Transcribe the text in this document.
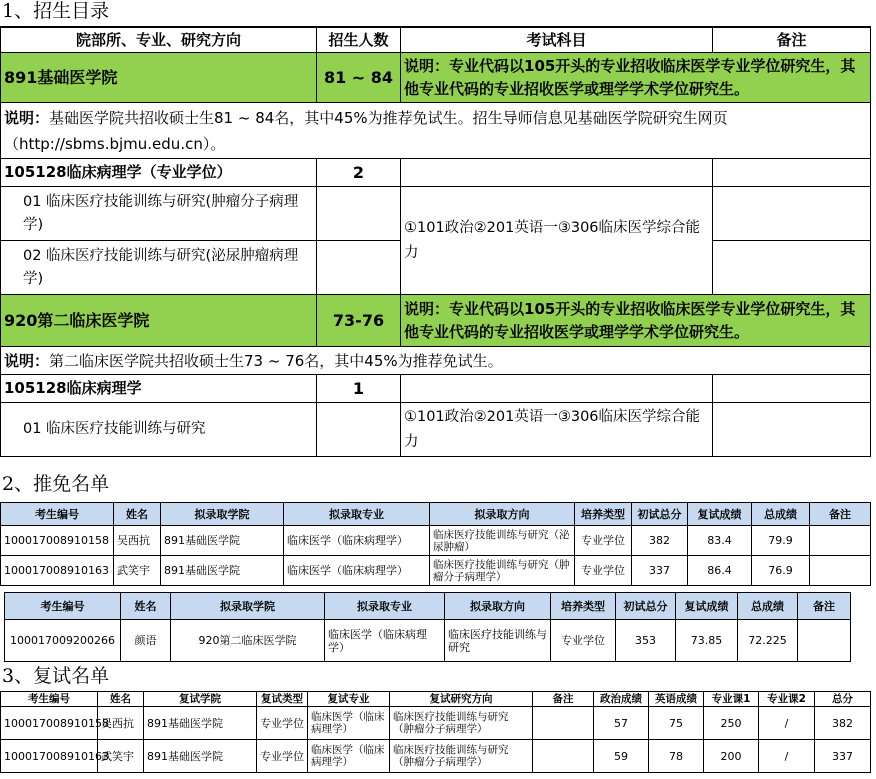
1、招生目录
院部所、专业、研究方向	招生人数	考试科目	备注
891基础医学院	81 ~ 84	说明：专业代码以105开头的专业招收临床医学专业学位研究生，其他专业代码的专业招收医学或理学学术学位研究生。	
说明：基础医学院共招收硕士生81 ~ 84名，其中45%为推荐免试生。招生导师信息见基础医学院研究生网页（http://sbms.bjmu.edu.cn）。			
105128临床病理学（专业学位）	2		
01 临床医疗技能训练与研究(肿瘤分子病理学)		①101政治②201英语一③306临床医学综合能力	
02 临床医疗技能训练与研究(泌尿肿瘤病理学)			
920第二临床医学院	73-76	说明：专业代码以105开头的专业招收临床医学专业学位研究生，其他专业代码的专业招收医学或理学学术学位研究生。	
说明：第二临床医学院共招收硕士生73 ~ 76名，其中45%为推荐免试生。			
105128临床病理学	1		
01 临床医疗技能训练与研究		①101政治②201英语一③306临床医学综合能力	
2、推免名单
考生编号	姓名	拟录取学院	拟录取专业	拟录取方向	培养类型	初试总分	复试成绩	总成绩	备注
100017008910158	吴西抗	891基础医学院	临床医学（临床病理学）	临床医疗技能训练与研究（泌尿肿瘤）	专业学位	382	83.4	79.9	
100017008910163	武笑宇	891基础医学院	临床医学（临床病理学）	临床医疗技能训练与研究（肿瘤分子病理学）	专业学位	337	86.4	76.9	
考生编号	姓名	拟录取学院	拟录取专业	拟录取方向	培养类型	初试总分	复试成绩	总成绩	备注
100017009200266	颜语	920第二临床医学院	临床医学（临床病理学）	临床医疗技能训练与研究	专业学位	353	73.85	72.225	
3、复试名单
考生编号	姓名	复试学院	复试类型	复试专业	复试研究方向	备注	政治成绩	英语成绩	专业课1	专业课2	总分
100017008910158	吴西抗	891基础医学院	专业学位	临床医学（临床病理学）	临床医疗技能训练与研究（肿瘤分子病理学）		57	75	250	/	382
100017008910163	武笑宇	891基础医学院	专业学位	临床医学（临床病理学）	临床医疗技能训练与研究（肿瘤分子病理学）		59	78	200	/	337
